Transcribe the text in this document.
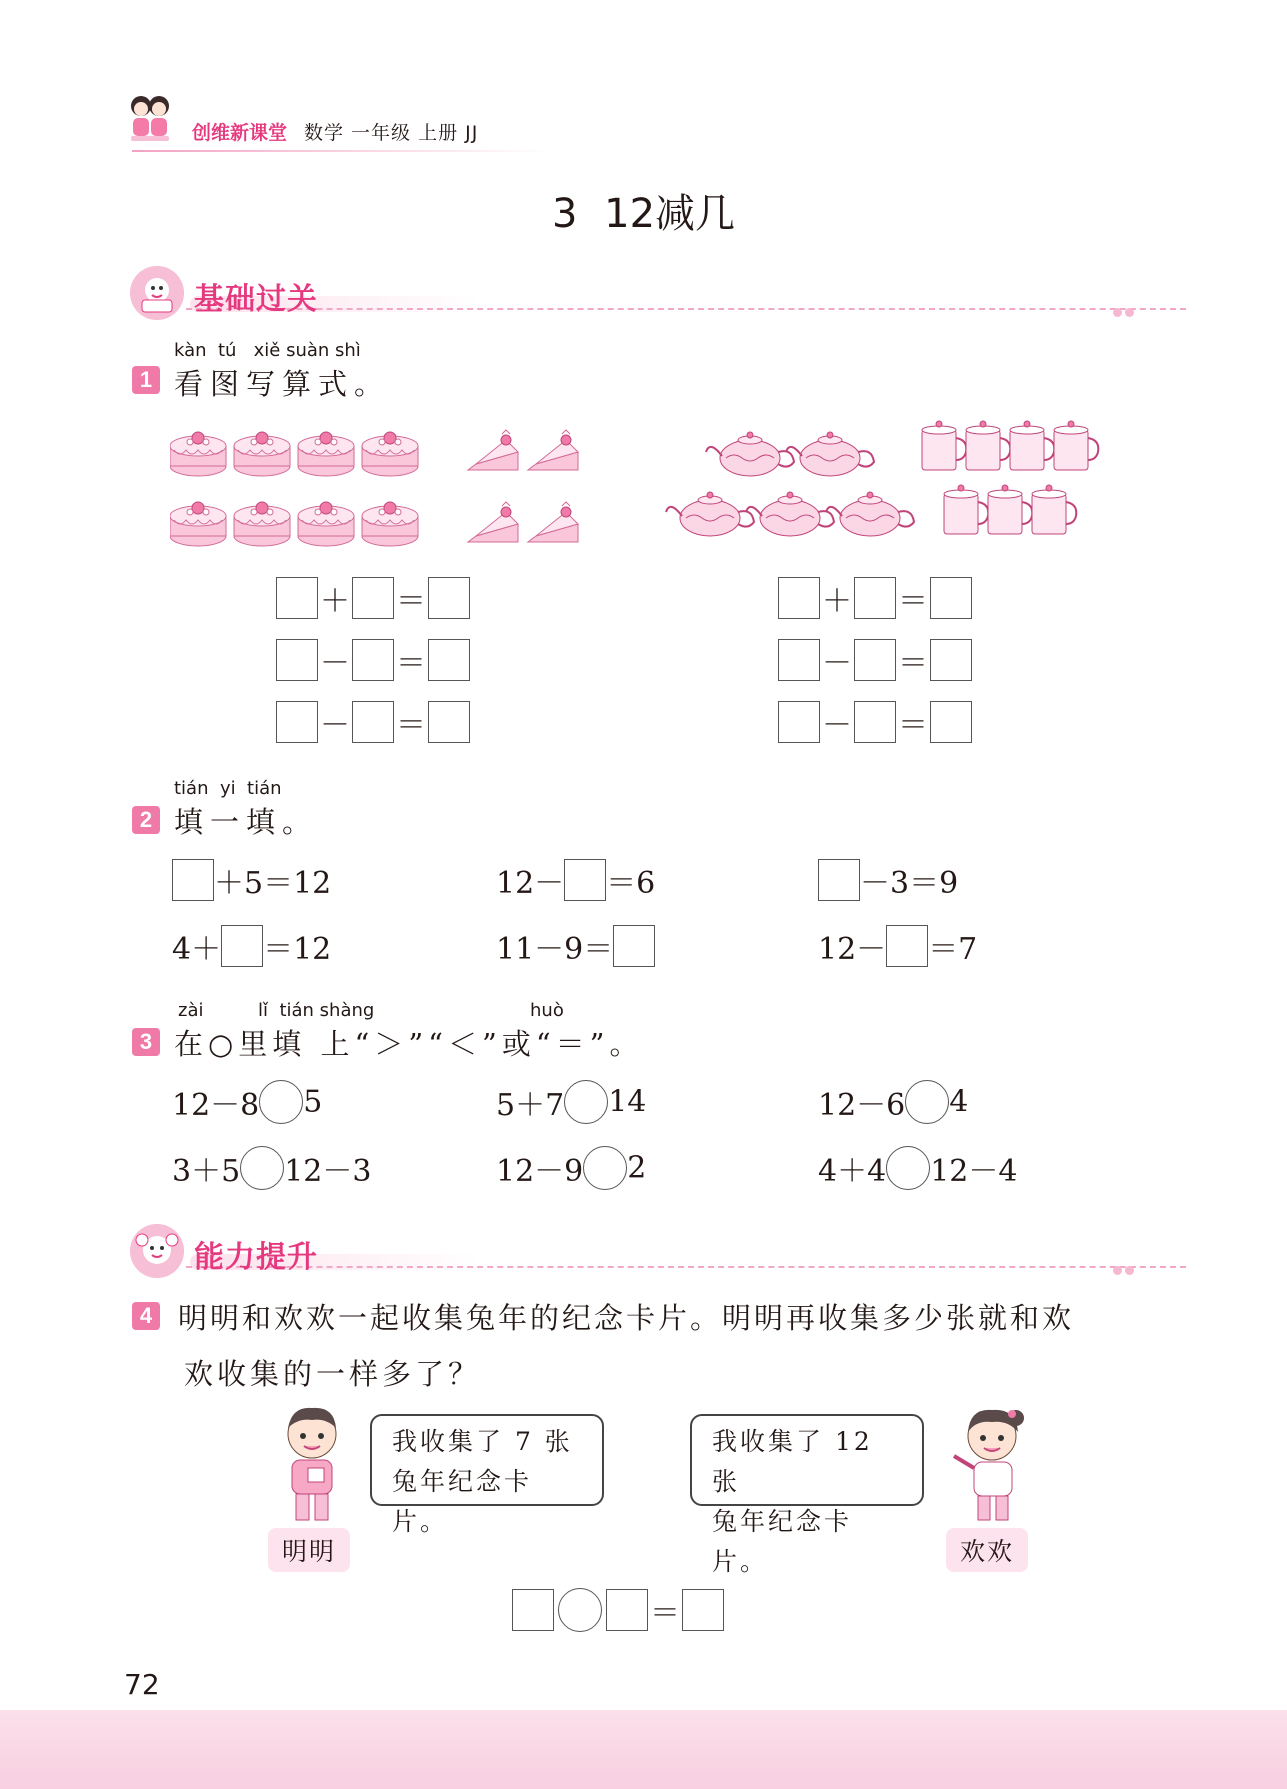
创维新课堂 数学 一年级 上册 JJ
3 12减几
基础过关
kàn  tú   xiě suàn shì
1 看图写算式。
＋ ＝
－ ＝
－ ＝
＋ ＝
－ ＝
－ ＝
tián  yi  tián
2 填一填。
＋5＝12	12－ ＝6	－3＝9
4＋ ＝12	11－9＝	12－ ＝7
zài	lǐ  tián shàng	huò
3 在○里填 上“＞”“＜”或“＝”。
12－8 5	5＋7 14	12－6 4
3＋5 12－3	12－9 2	4＋4 12－4
能力提升
4 明明和欢欢一起收集兔年的纪念卡片。明明再收集多少张就和欢
欢收集的一样多了？
我收集了 7 张
兔年纪念卡片。
明明
我收集了 12 张
兔年纪念卡片。	欢欢
＝
72
